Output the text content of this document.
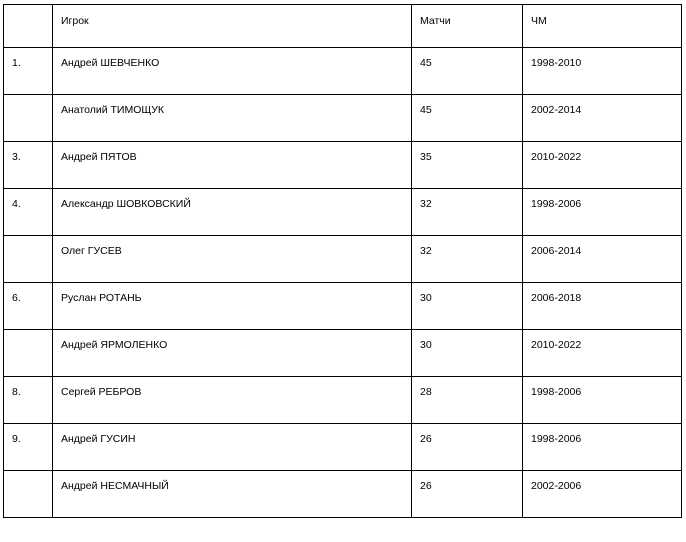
	Игрок	Матчи	ЧМ

1.	Андрей ШЕВЧЕНКО	45	1998-2010

	Анатолий ТИМОЩУК	45	2002-2014

3.	Андрей ПЯТОВ	35	2010-2022

4.	Александр ШОВКОВСКИЙ	32	1998-2006

	Олег ГУСЕВ	32	2006-2014

6.	Руслан РОТАНЬ	30	2006-2018

	Андрей ЯРМОЛЕНКО	30	2010-2022

8.	Сергей РЕБРОВ	28	1998-2006

9.	Андрей ГУСИН	26	1998-2006

	Андрей НЕСМАЧНЫЙ	26	2002-2006
